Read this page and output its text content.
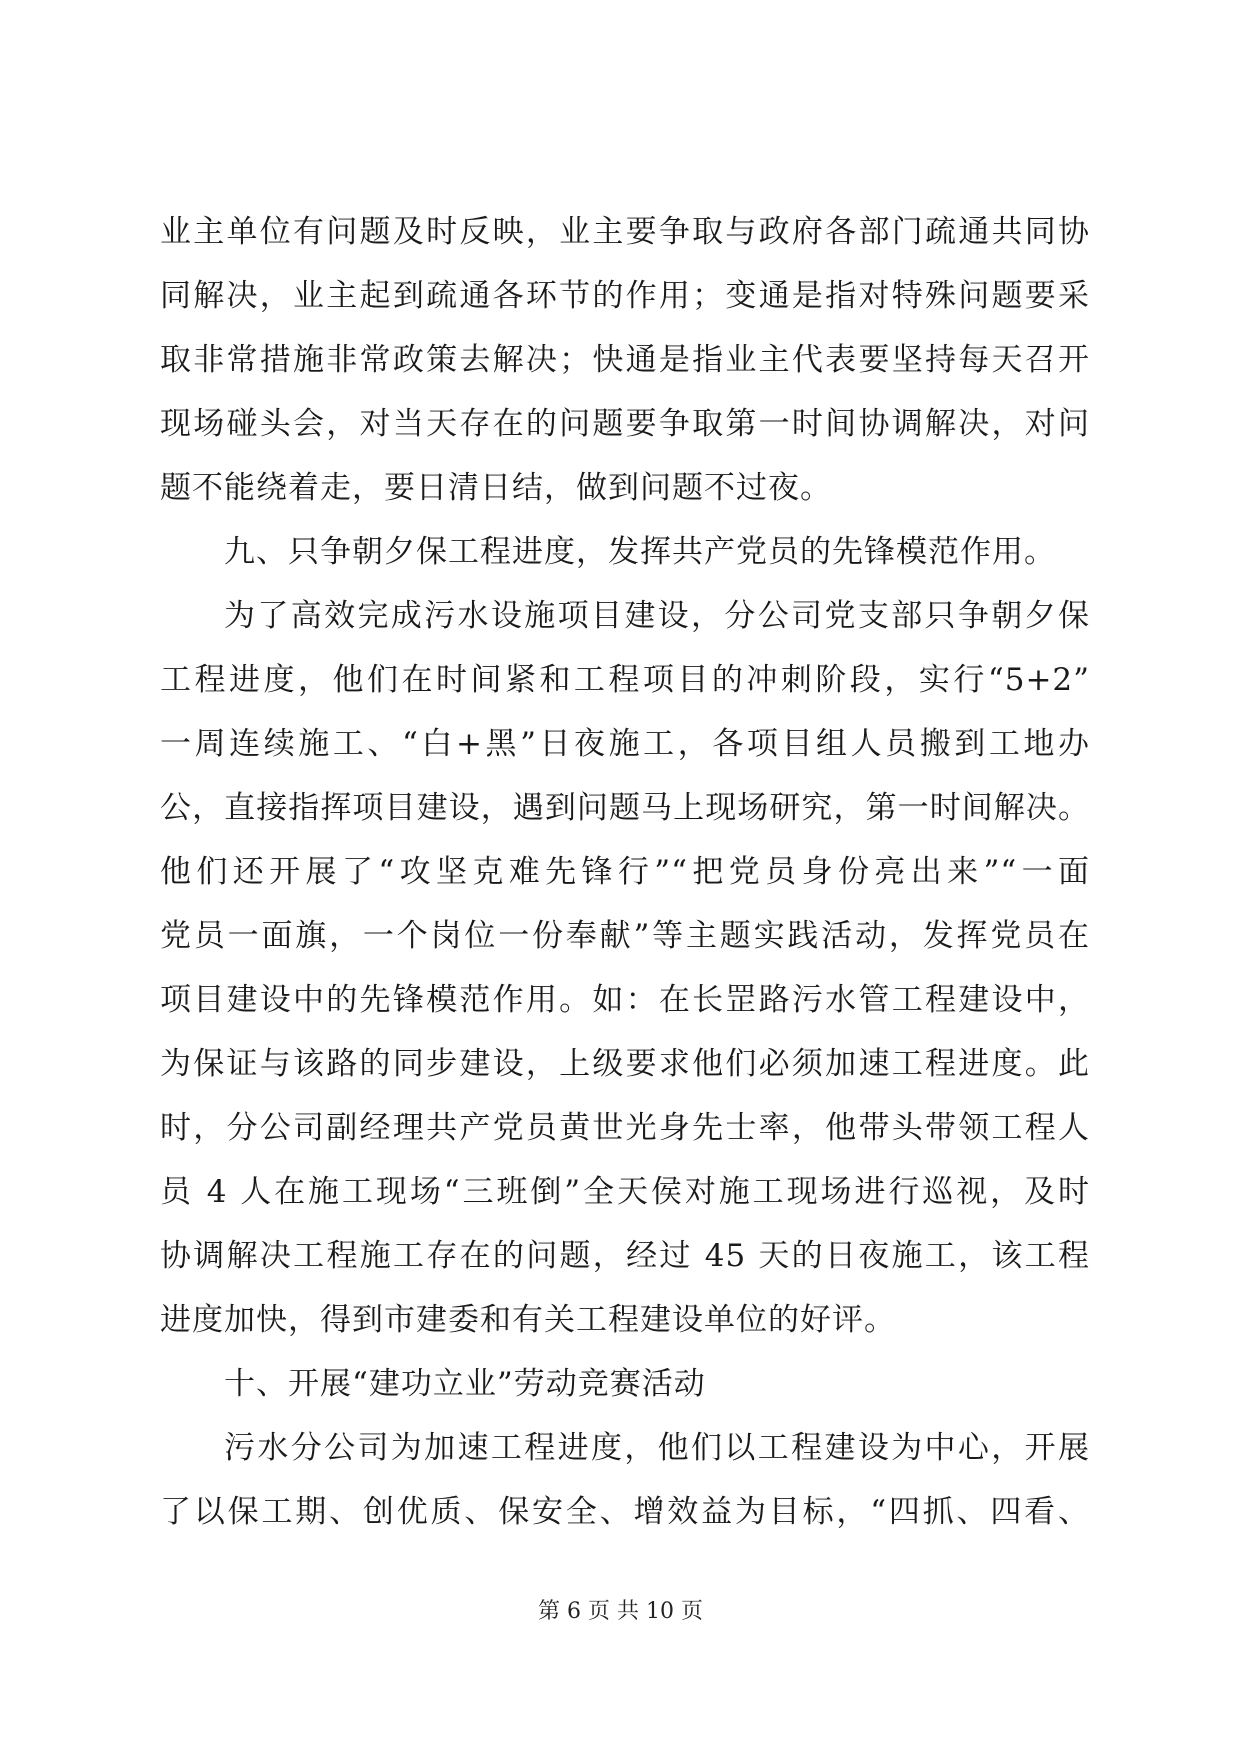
业主单位有问题及时反映，业主要争取与政府各部门疏通共同协
同解决，业主起到疏通各环节的作用；变通是指对特殊问题要采
取非常措施非常政策去解决；快通是指业主代表要坚持每天召开
现场碰头会，对当天存在的问题要争取第一时间协调解决，对问
题不能绕着走，要日清日结，做到问题不过夜。
九、只争朝夕保工程进度，发挥共产党员的先锋模范作用。
为了高效完成污水设施项目建设，分公司党支部只争朝夕保
工程进度，他们在时间紧和工程项目的冲刺阶段，实行“5+2”
一周连续施工、“白+黑”日夜施工，各项目组人员搬到工地办
公，直接指挥项目建设，遇到问题马上现场研究，第一时间解决。
他们还开展了“攻坚克难先锋行”“把党员身份亮出来”“一面
党员一面旗，一个岗位一份奉献”等主题实践活动，发挥党员在
项目建设中的先锋模范作用。如：在长罡路污水管工程建设中，
为保证与该路的同步建设，上级要求他们必须加速工程进度。此
时，分公司副经理共产党员黄世光身先士率，他带头带领工程人
员 4 人在施工现场“三班倒”全天侯对施工现场进行巡视，及时
协调解决工程施工存在的问题，经过 45 天的日夜施工，该工程
进度加快，得到市建委和有关工程建设单位的好评。
十、开展“建功立业”劳动竞赛活动
污水分公司为加速工程进度，他们以工程建设为中心，开展
了以保工期、创优质、保安全、增效益为目标，“四抓、四看、
第 6 页 共 10 页
